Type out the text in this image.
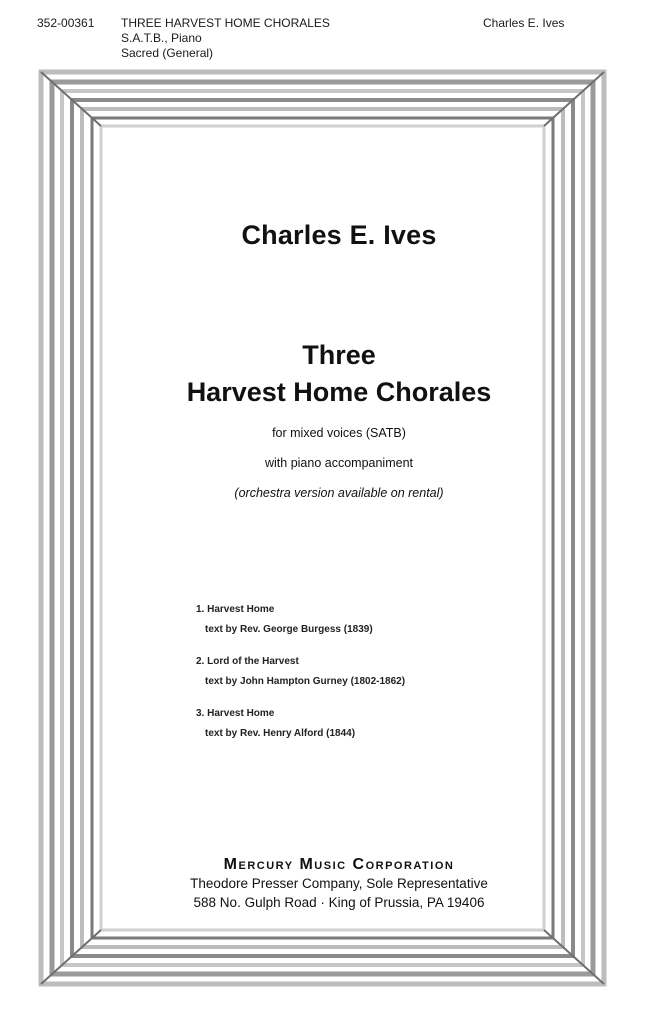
352-00361 THREE HARVEST HOME CHORALES
S.A.T.B., Piano
Sacred (General)
Charles E. Ives
Charles E. Ives
Three
Harvest Home Chorales
for mixed voices (SATB)
with piano accompaniment
(orchestra version available on rental)
1. Harvest Home
text by Rev. George Burgess (1839)
2. Lord of the Harvest
text by John Hampton Gurney (1802-1862)
3. Harvest Home
text by Rev. Henry Alford (1844)
Mercury Music Corporation
Theodore Presser Company, Sole Representative
588 No. Gulph Road · King of Prussia, PA 19406
